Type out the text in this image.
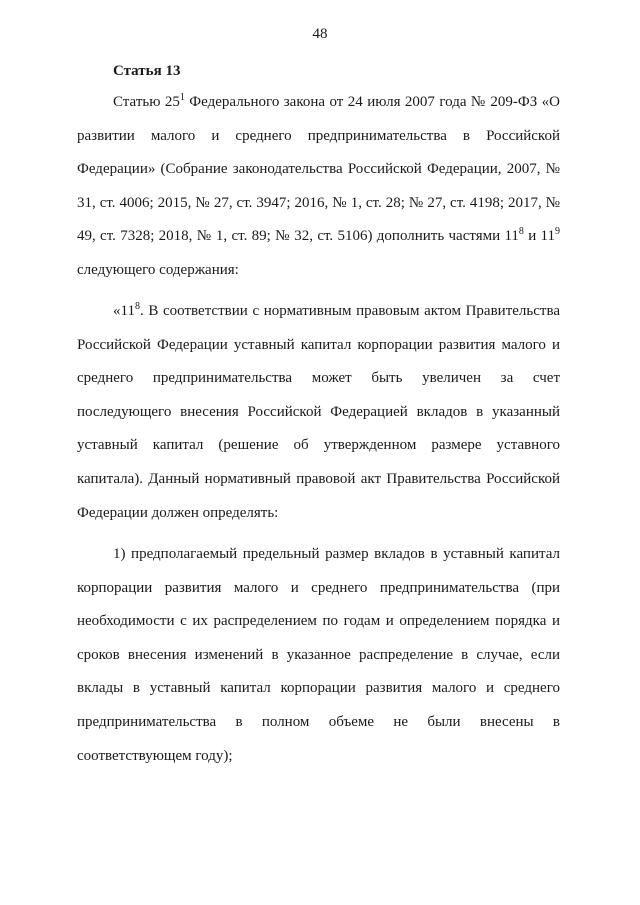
48
Статья 13

Статью $25^1$ Федерального закона от 24 июля 2007 года № 209-ФЗ «О развитии малого и среднего предпринимательства в Российской Федерации» (Собрание законодательства Российской Федерации, 2007, № 31, ст. 4006; 2015, № 27, ст. 3947; 2016, № 1, ст. 28; № 27, ст. 4198; 2017, № 49, ст. 7328; 2018, № 1, ст. 89; № 32, ст. 5106) дополнить частями $11^8$ и $11^9$ следующего содержания:

«$11^8$. В соответствии с нормативным правовым актом Правительства Российской Федерации уставный капитал корпорации развития малого и среднего предпринимательства может быть увеличен за счет последующего внесения Российской Федерацией вкладов в указанный уставный капитал (решение об утвержденном размере уставного капитала). Данный нормативный правовой акт Правительства Российской Федерации должен определять:

1) предполагаемый предельный размер вкладов в уставный капитал корпорации развития малого и среднего предпринимательства (при необходимости с их распределением по годам и определением порядка и сроков внесения изменений в указанное распределение в случае, если вклады в уставный капитал корпорации развития малого и среднего предпринимательства в полном объеме не были внесены в соответствующем году);
